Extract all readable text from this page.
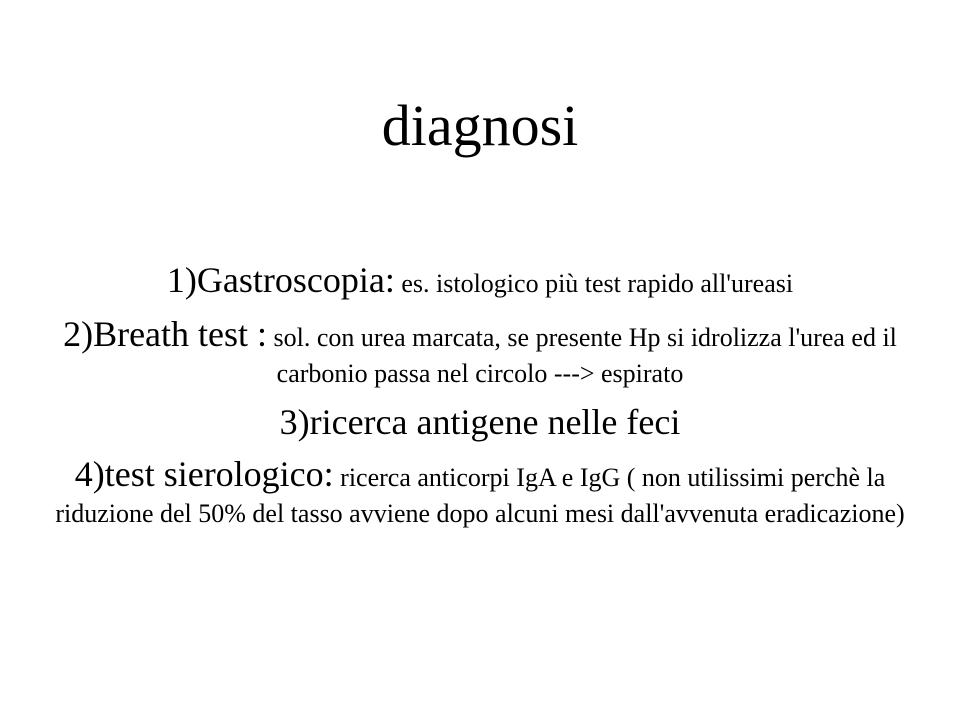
diagnosi
1)Gastroscopia: es. istologico più test rapido all'ureasi
2)Breath test : sol. con urea marcata, se presente Hp si idrolizza l'urea ed il carbonio passa nel circolo ---> espirato
3)ricerca antigene nelle feci
4)test sierologico: ricerca anticorpi IgA e IgG ( non utilissimi perchè la riduzione del 50% del tasso avviene dopo alcuni mesi dall'avvenuta eradicazione)
